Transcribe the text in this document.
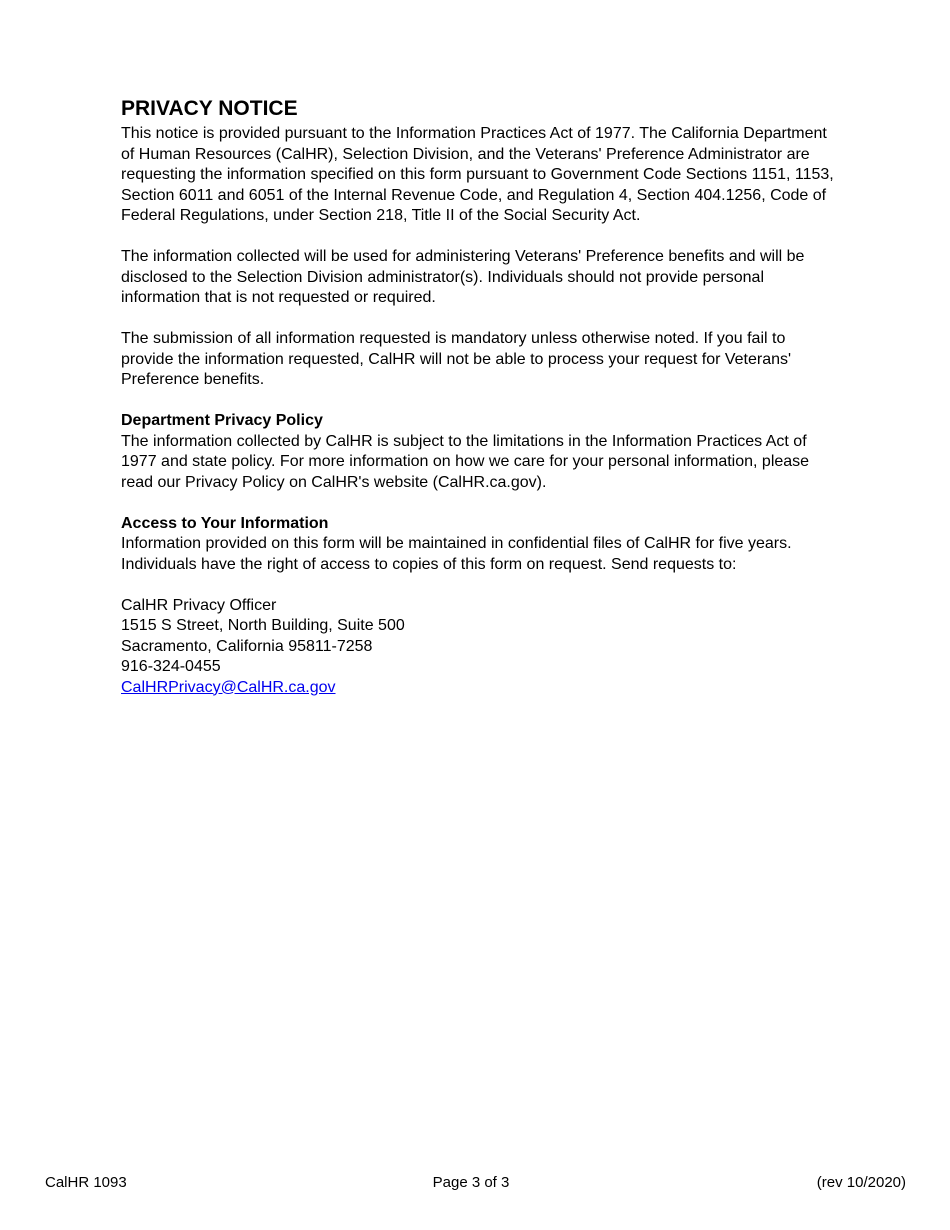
PRIVACY NOTICE

This notice is provided pursuant to the Information Practices Act of 1977. The California Department of Human Resources (CalHR), Selection Division, and the Veterans' Preference Administrator are requesting the information specified on this form pursuant to Government Code Sections 1151, 1153, Section 6011 and 6051 of the Internal Revenue Code, and Regulation 4, Section 404.1256, Code of Federal Regulations, under Section 218, Title II of the Social Security Act.

The information collected will be used for administering Veterans' Preference benefits and will be disclosed to the Selection Division administrator(s). Individuals should not provide personal information that is not requested or required.

The submission of all information requested is mandatory unless otherwise noted. If you fail to provide the information requested, CalHR will not be able to process your request for Veterans' Preference benefits.

Department Privacy Policy

The information collected by CalHR is subject to the limitations in the Information Practices Act of 1977 and state policy. For more information on how we care for your personal information, please read our Privacy Policy on CalHR's website (CalHR.ca.gov).

Access to Your Information

Information provided on this form will be maintained in confidential files of CalHR for five years. Individuals have the right of access to copies of this form on request. Send requests to:

CalHR Privacy Officer

1515 S Street, North Building, Suite 500

Sacramento, California 95811-7258

916-324-0455

CalHRPrivacy@CalHR.ca.gov
CalHR 1093	Page 3 of 3	(rev 10/2020)
